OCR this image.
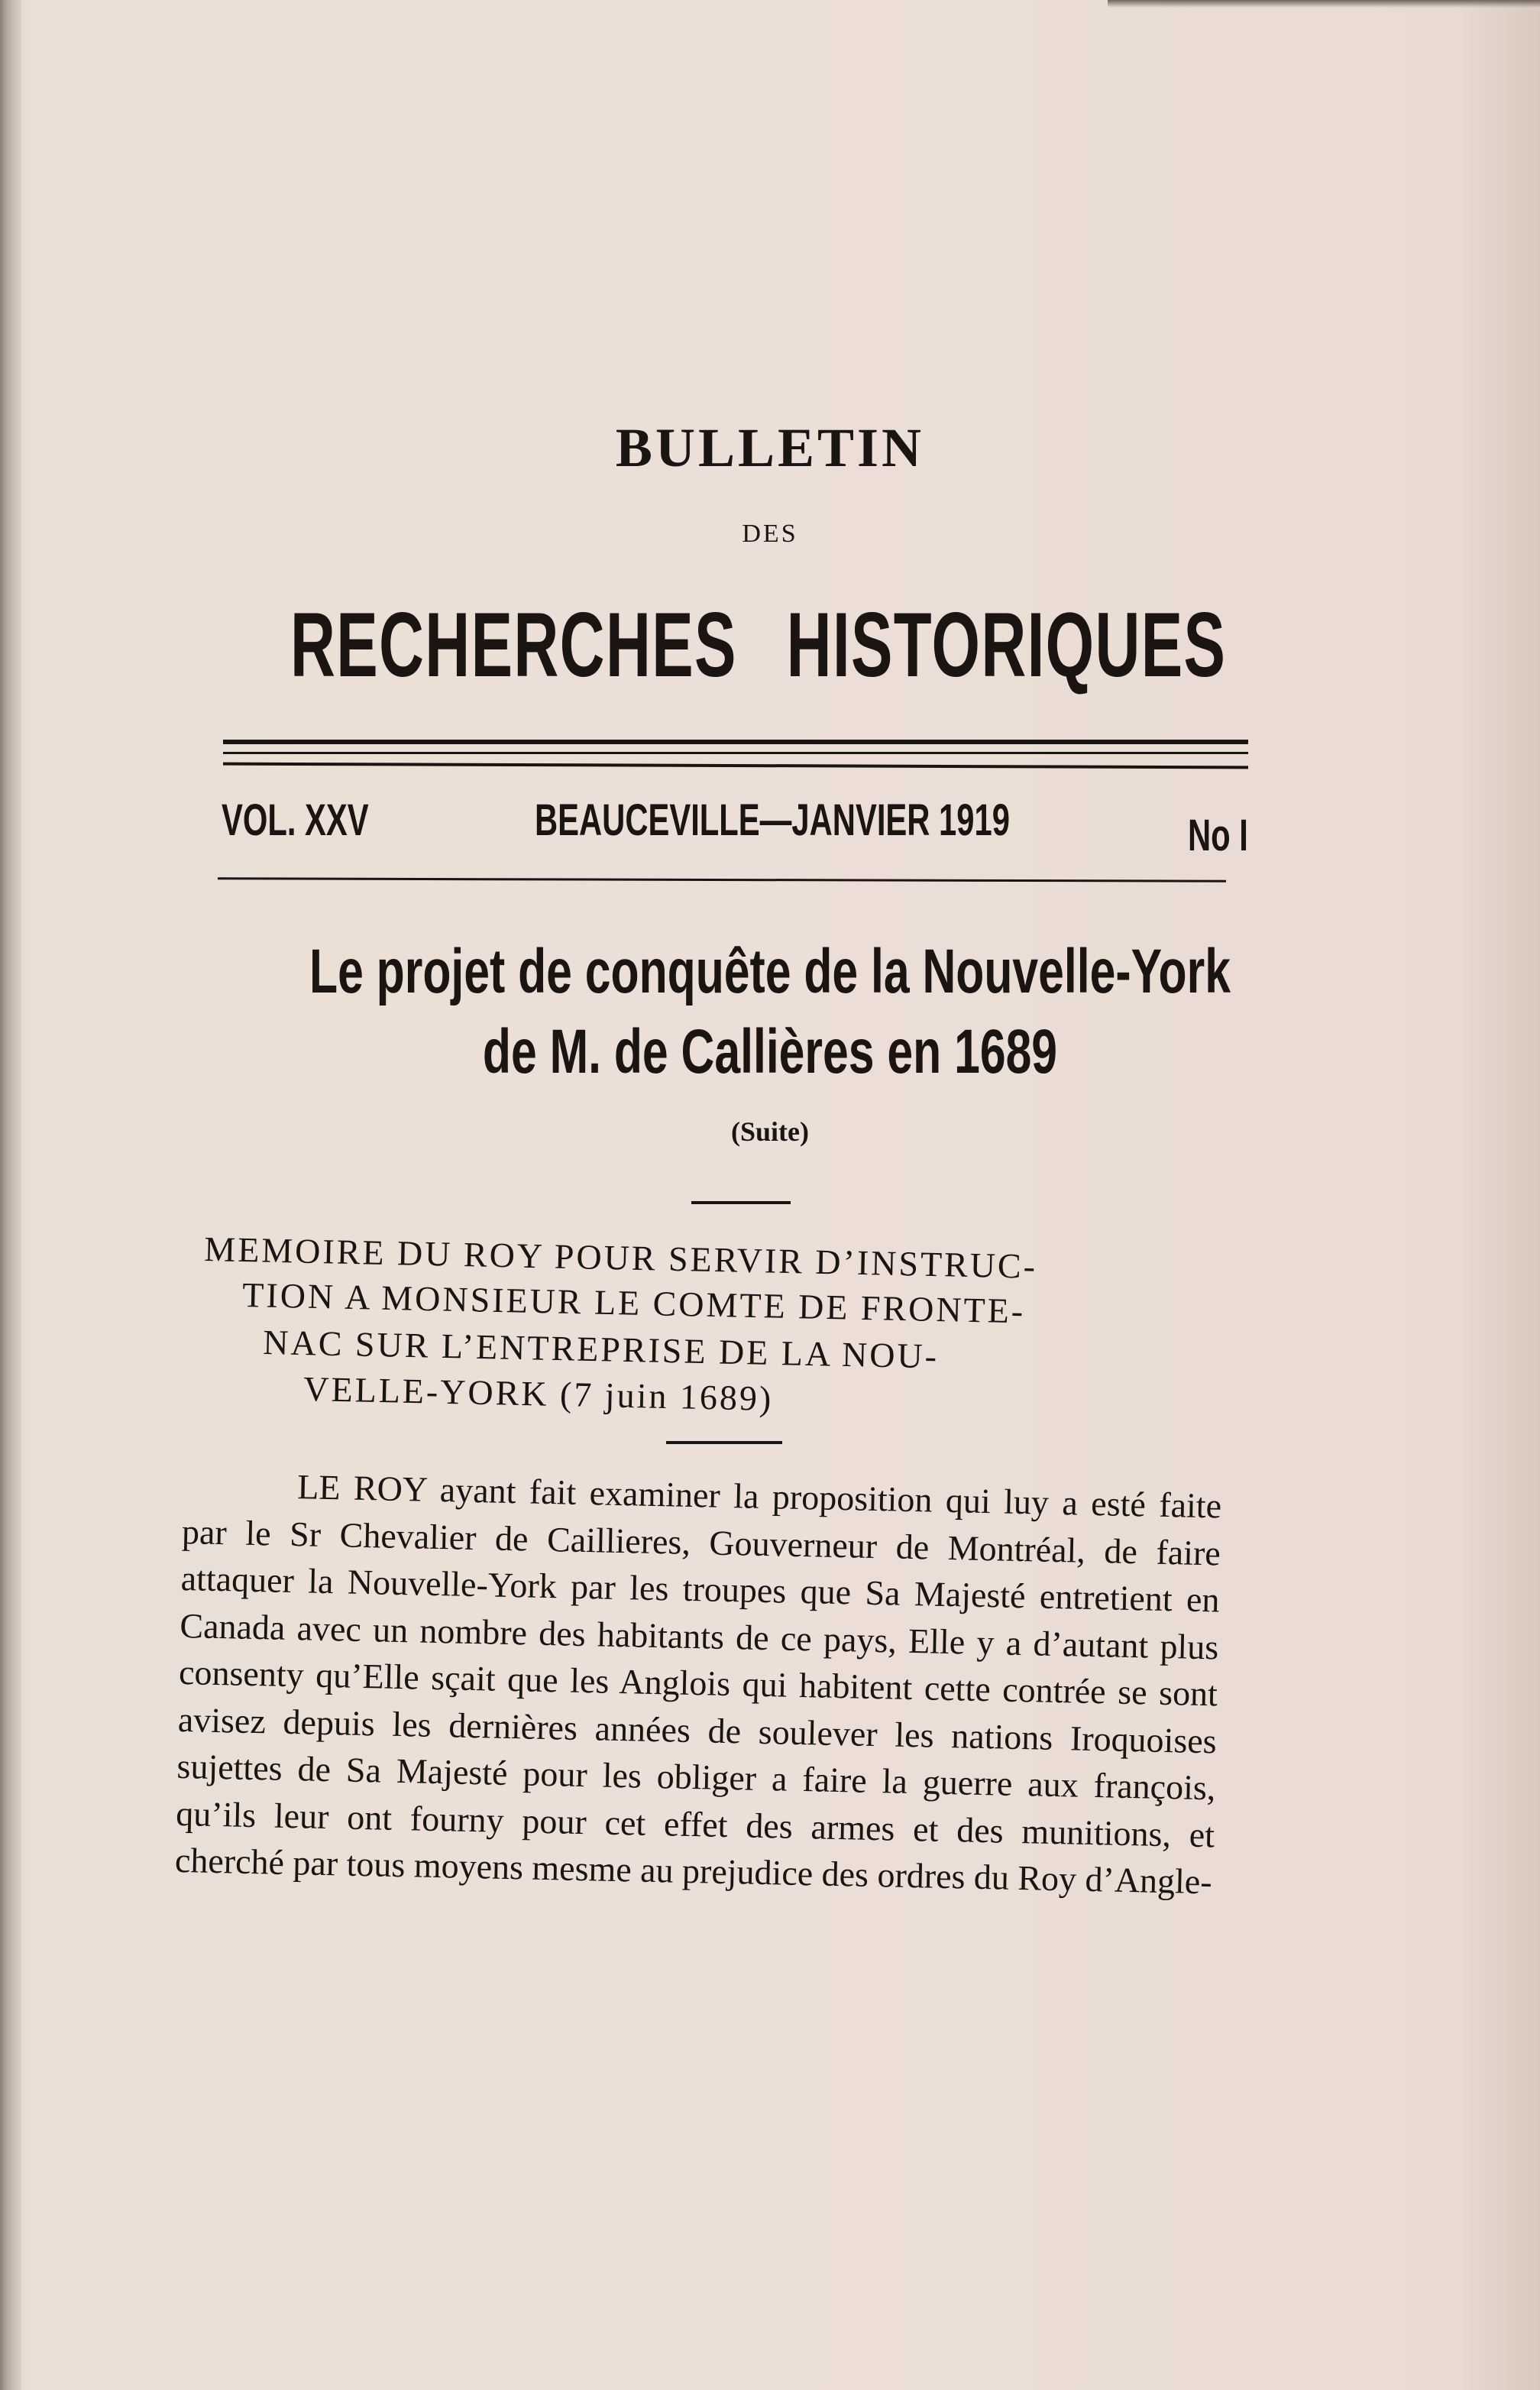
BULLETIN
DES
RECHERCHES HISTORIQUES
VOL. XXV	BEAUCEVILLE—JANVIER 1919	No I
Le projet de conquête de la Nouvelle-York
de M. de Callières en 1689
(Suite)
MEMOIRE DU ROY POUR SERVIR D’INSTRUC-
TION A MONSIEUR LE COMTE DE FRONTE-
NAC SUR L’ENTREPRISE DE LA NOU-
VELLE-YORK (7 juin 1689)
LE ROY ayant fait examiner la proposition qui luy a esté faite par le Sr Chevalier de Caillieres, Gouverneur de Montréal, de faire attaquer la Nouvelle-York par les troupes que Sa Majesté entretient en Canada avec un nombre des habitants de ce pays, Elle y a d’autant plus consenty qu’Elle sçait que les Anglois qui habitent cette contrée se sont avisez depuis les dernières années de soulever les nations Iroquoises sujettes de Sa Majesté pour les obliger a faire la guerre aux françois, qu’ils leur ont fourny pour cet effet des armes et des munitions, et cherché par tous moyens mesme au prejudice des ordres du Roy d’Angle-
